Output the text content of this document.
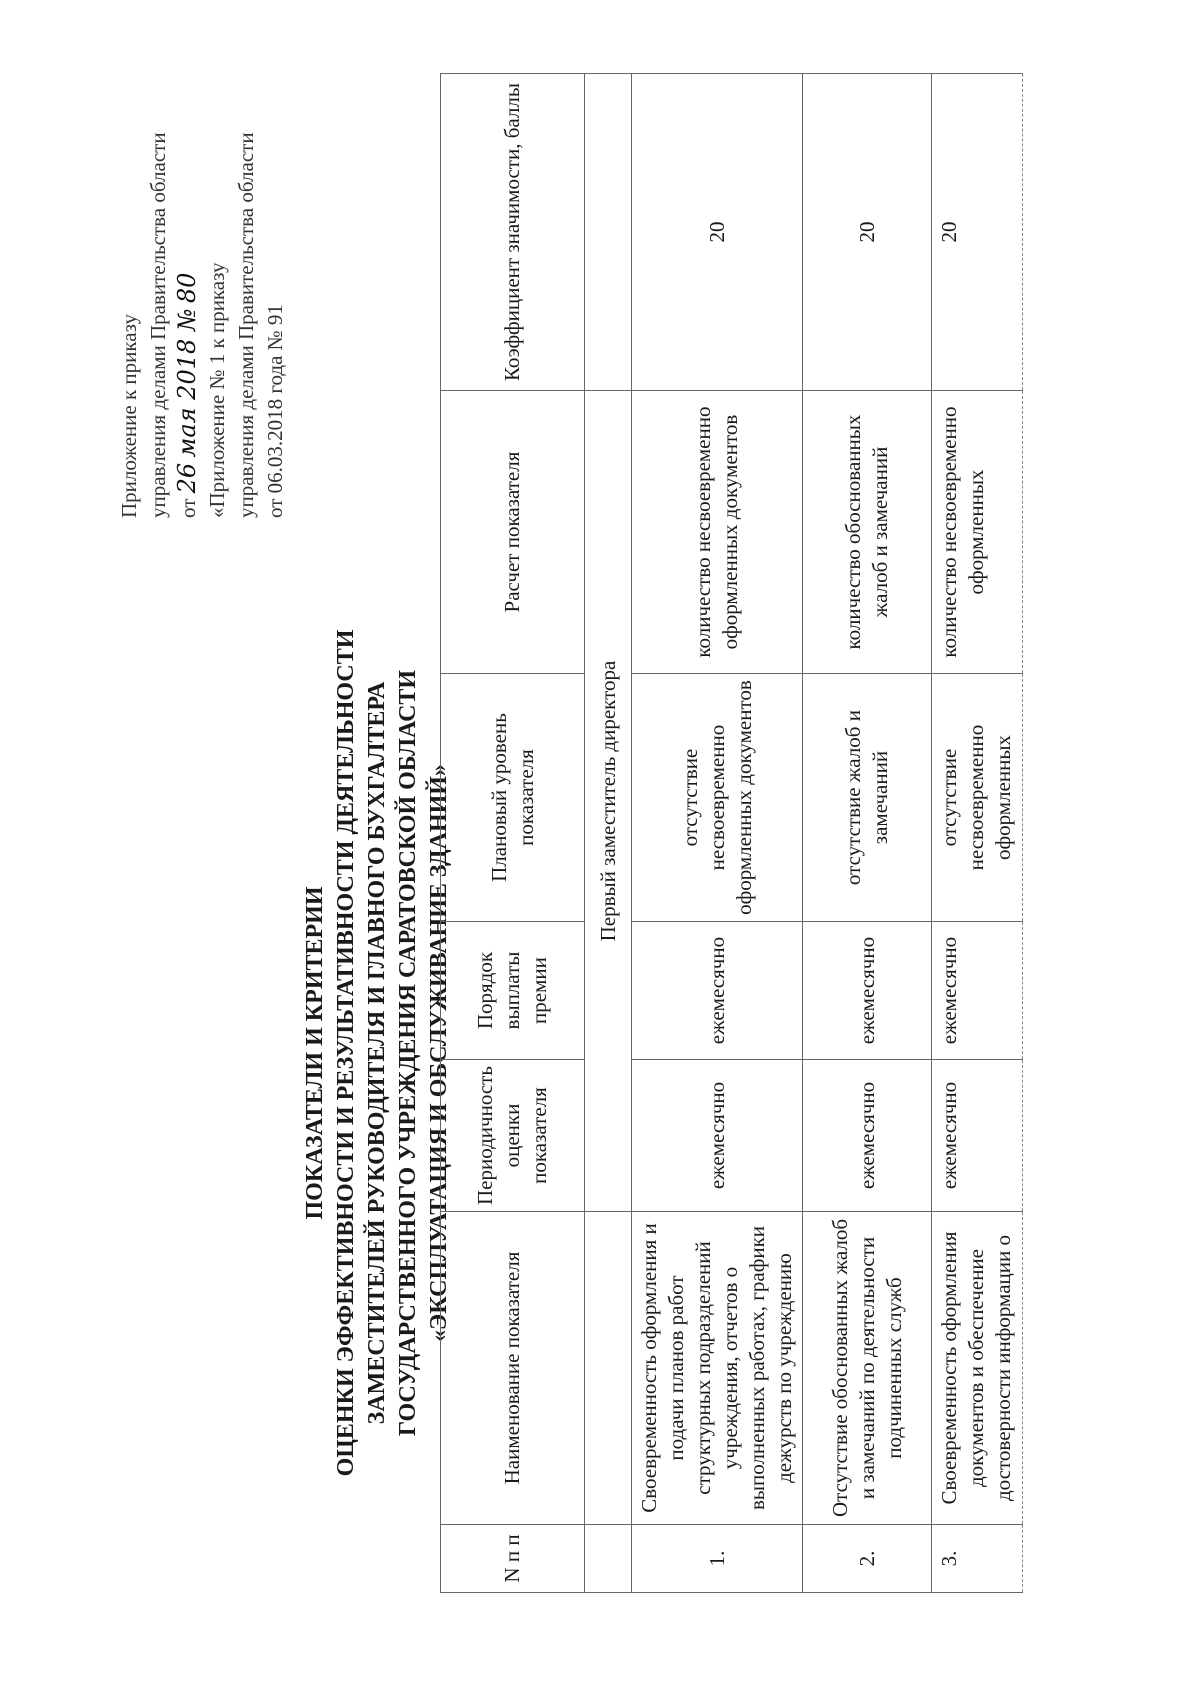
Приложение к приказу управления делами Правительства области от 26 мая 2018 № 80 «Приложение № 1 к приказу управления делами Правительства области от 06.03.2018 года № 91
ПОКАЗАТЕЛИ И КРИТЕРИИ ОЦЕНКИ ЭФФЕКТИВНОСТИ И РЕЗУЛЬТАТИВНОСТИ ДЕЯТЕЛЬНОСТИ ЗАМЕСТИТЕЛЕЙ РУКОВОДИТЕЛЯ И ГЛАВНОГО БУХГАЛТЕРА ГОСУДАРСТВЕННОГО УЧРЕЖДЕНИЯ САРАТОВСКОЙ ОБЛАСТИ «ЭКСПЛУАТАЦИЯ И ОБСЛУЖИВАНИЕ ЗДАНИЙ»
N п п	Наименование показателя	Периодичность оценки показателя	Порядок выплаты премии	Плановый уровень показателя	Расчет показателя	Коэффициент значимости, баллы
		Первый заместитель директора				
1.	Своевременность оформления и подачи планов работ структурных подразделений учреждения, отчетов о выполненных работах, графики дежурств по учреждению	ежемесячно	ежемесячно	отсутствие несвоевременно оформленных документов	количество несвоевременно оформленных документов	20
2.	Отсутствие обоснованных жалоб и замечаний по деятельности подчиненных служб	ежемесячно	ежемесячно	отсутствие жалоб и замечаний	количество обоснованных жалоб и замечаний	20
3.	Своевременность оформления документов и обеспечение достоверности информации о	ежемесячно	ежемесячно	отсутствие несвоевременно оформленных	количество несвоевременно оформленных	20
